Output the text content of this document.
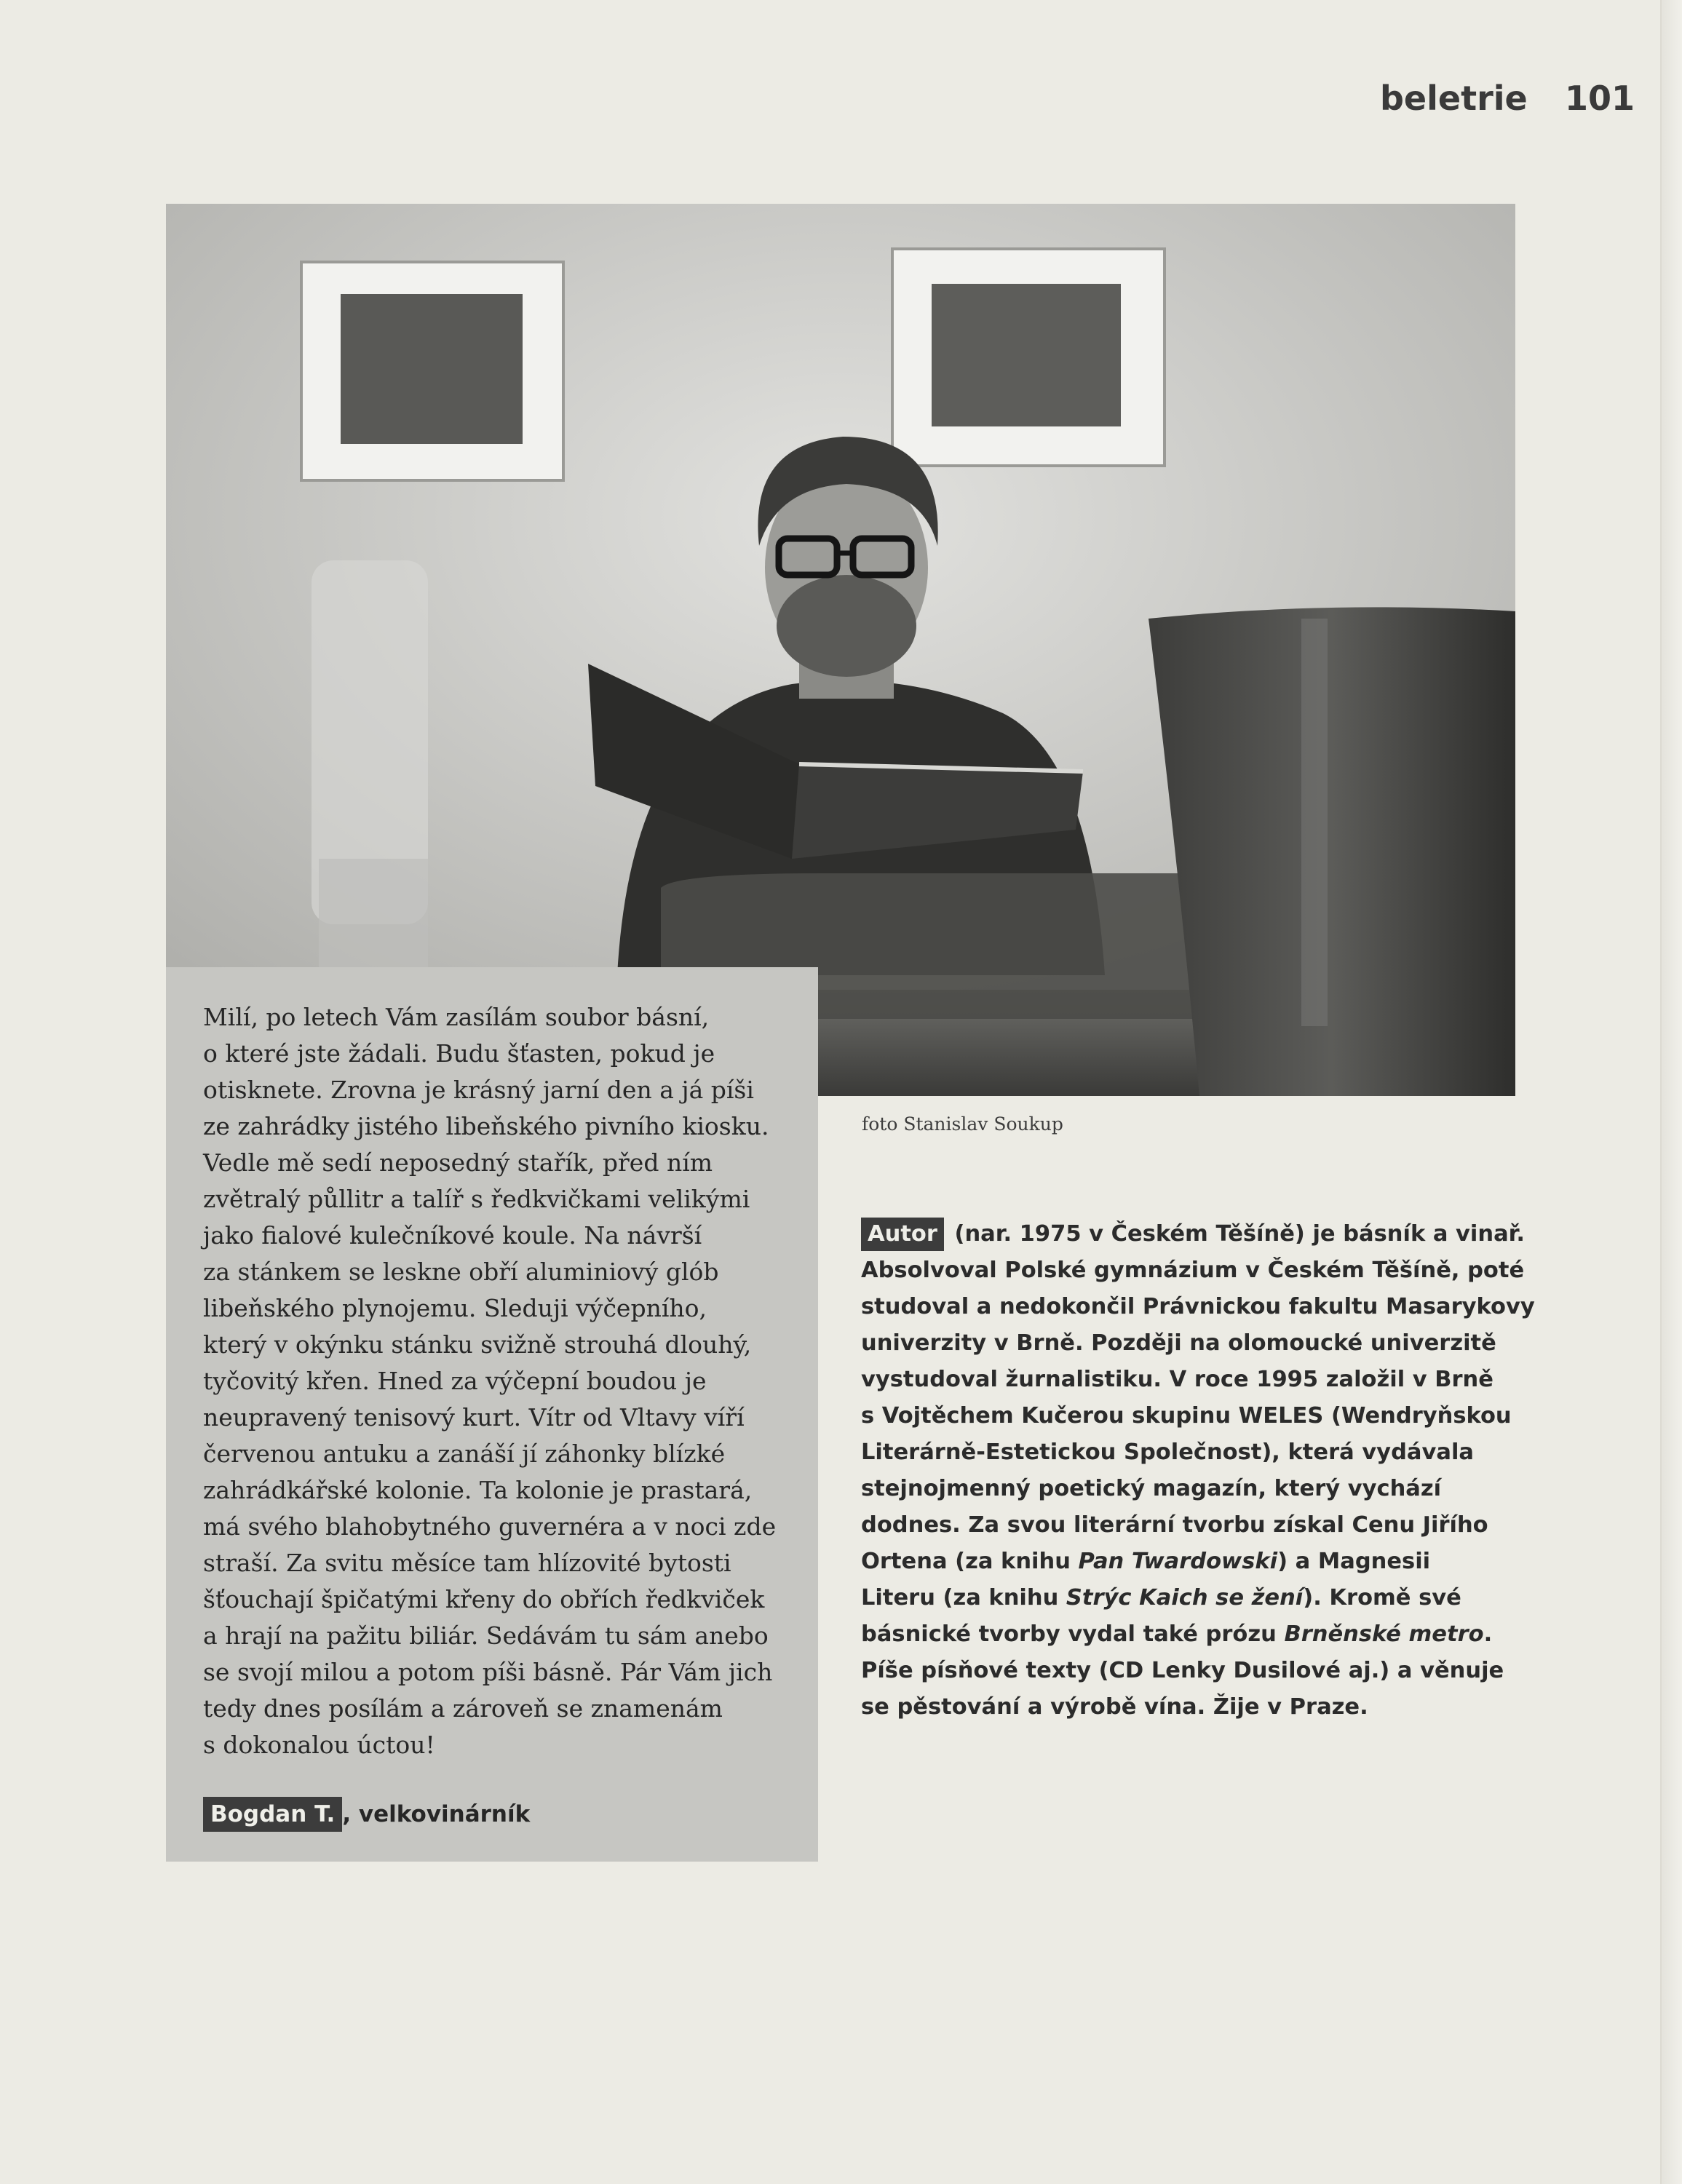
beletrie 101
foto Stanislav Soukup

Milí, po letech Vám zasílám soubor básní,
o které jste žádali. Budu šťasten, pokud je
otisknete. Zrovna je krásný jarní den a já píši
ze zahrádky jistého libeňského pivního kiosku.
Vedle mě sedí neposedný stařík, před ním
zvětralý půllitr a talíř s ředkvičkami velikými
jako fialové kulečníkové koule. Na návrší
za stánkem se leskne obří aluminiový glób
libeňského plynojemu. Sleduji výčepního,
který v okýnku stánku svižně strouhá dlouhý,
tyčovitý křen. Hned za výčepní boudou je
neupravený tenisový kurt. Vítr od Vltavy víří
červenou antuku a zanáší jí záhonky blízké
zahrádkářské kolonie. Ta kolonie je prastará,
má svého blahobytného guvernéra a v noci zde
straší. Za svitu měsíce tam hlízovité bytosti
šťouchají špičatými křeny do obřích ředkviček
a hrají na pažitu biliár. Sedávám tu sám anebo
se svojí milou a potom píši básně. Pár Vám jich
tedy dnes posílám a zároveň se znamenám
s dokonalou úctou!

Bogdan T. , velkovinárník

Autor (nar. 1975 v Českém Těšíně) je básník a vinař.
Absolvoval Polské gymnázium v Českém Těšíně, poté
studoval a nedokončil Právnickou fakultu Masarykovy
univerzity v Brně. Později na olomoucké univerzitě
vystudoval žurnalistiku. V roce 1995 založil v Brně
s Vojtěchem Kučerou skupinu WELES (Wendryňskou
Literárně-Estetickou Společnost), která vydávala
stejnojmenný poetický magazín, který vychází
dodnes. Za svou literární tvorbu získal Cenu Jiřího
Ortena (za knihu Pan Twardowski) a Magnesii
Literu (za knihu Strýc Kaich se žení). Kromě své
básnické tvorby vydal také prózu Brněnské metro.
Píše písňové texty (CD Lenky Dusilové aj.) a věnuje
se pěstování a výrobě vína. Žije v Praze.
